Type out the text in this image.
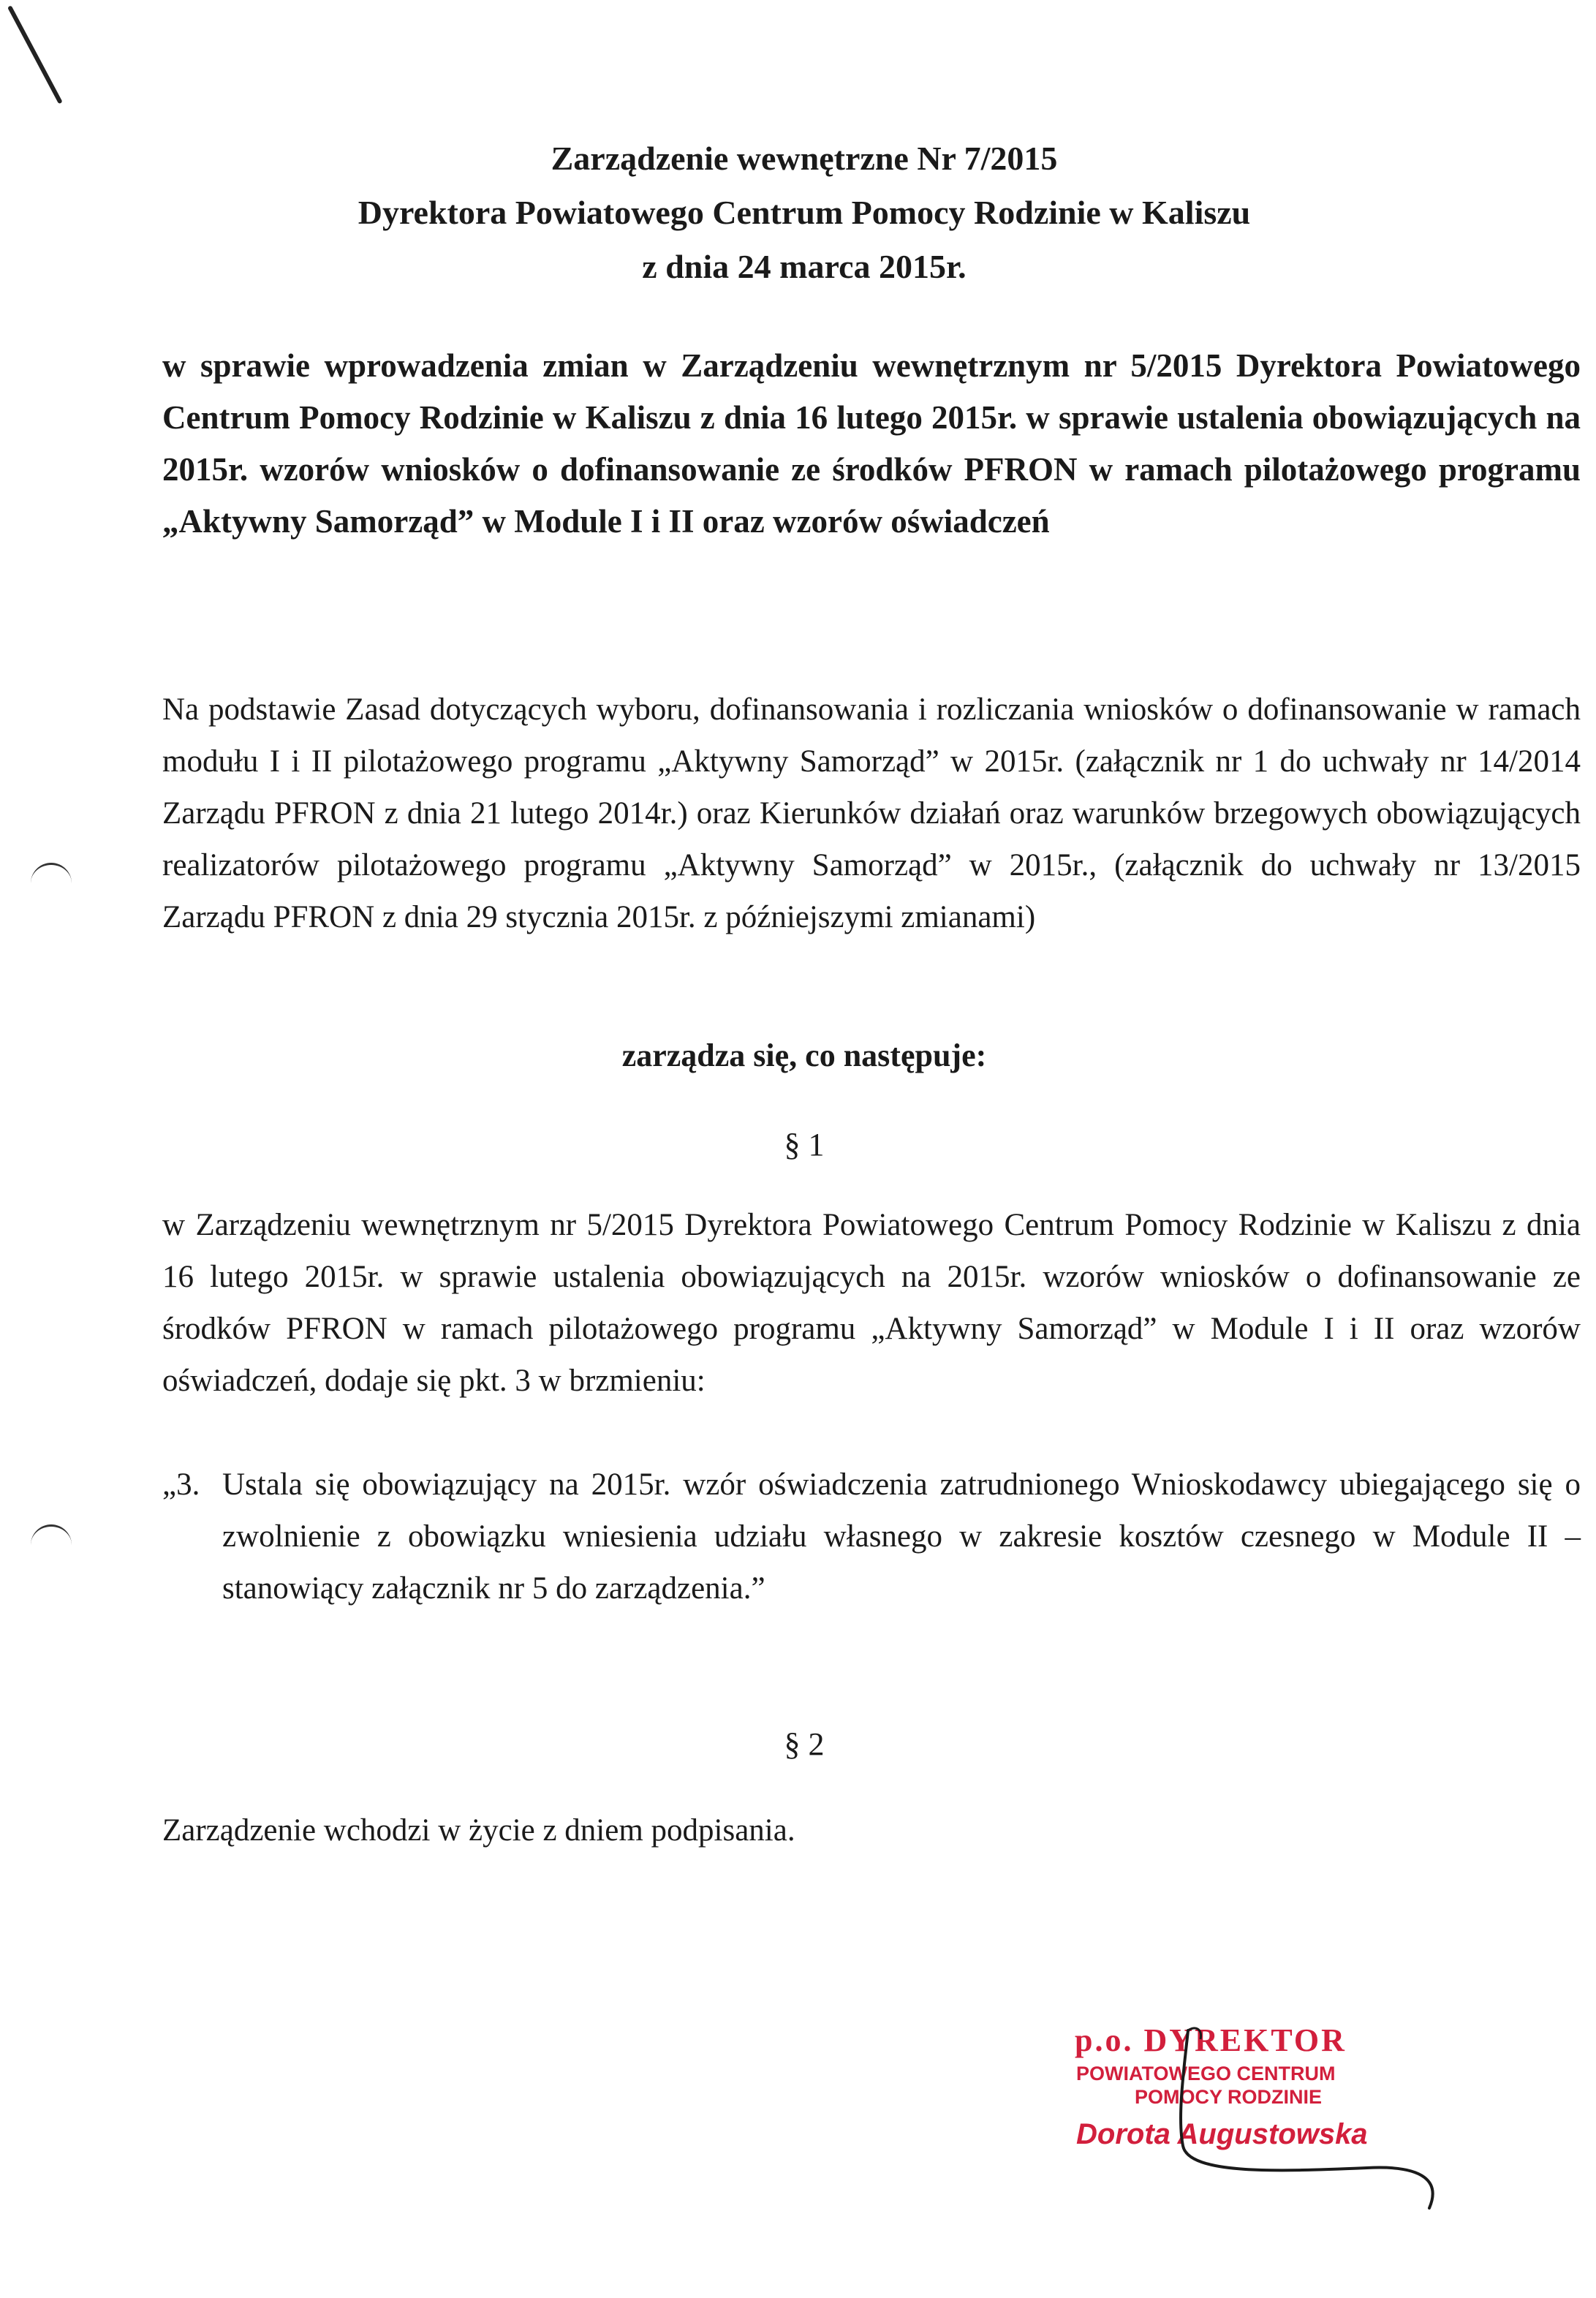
Zarządzenie wewnętrzne Nr 7/2015
Dyrektora Powiatowego Centrum Pomocy Rodzinie w Kaliszu
z dnia 24 marca 2015r.
w sprawie wprowadzenia zmian w Zarządzeniu wewnętrznym nr 5/2015 Dyrektora Powiatowego Centrum Pomocy Rodzinie w Kaliszu z dnia 16 lutego 2015r. w sprawie ustalenia obowiązujących na 2015r. wzorów wniosków o dofinansowanie ze środków PFRON w ramach pilotażowego programu „Aktywny Samorząd” w Module I i II oraz wzorów oświadczeń
Na podstawie Zasad dotyczących wyboru, dofinansowania i rozliczania wniosków o dofinansowanie w ramach modułu I i II pilotażowego programu „Aktywny Samorząd” w 2015r. (załącznik nr 1 do uchwały nr 14/2014 Zarządu PFRON z dnia 21 lutego 2014r.) oraz Kierunków działań oraz warunków brzegowych obowiązujących realizatorów pilotażowego programu „Aktywny Samorząd” w 2015r., (załącznik do uchwały nr 13/2015 Zarządu PFRON z dnia 29 stycznia 2015r. z późniejszymi zmianami)
zarządza się, co następuje:
§ 1
w Zarządzeniu wewnętrznym nr 5/2015 Dyrektora Powiatowego Centrum Pomocy Rodzinie w Kaliszu z dnia 16 lutego 2015r. w sprawie ustalenia obowiązujących na 2015r. wzorów wniosków o dofinansowanie ze środków PFRON w ramach pilotażowego programu „Aktywny Samorząd” w Module I i II oraz wzorów oświadczeń, dodaje się pkt. 3 w brzmieniu:
„3. Ustala się obowiązujący na 2015r. wzór oświadczenia zatrudnionego Wnioskodawcy ubiegającego się o zwolnienie z obowiązku wniesienia udziału własnego w zakresie kosztów czesnego w Module II – stanowiący załącznik nr 5 do zarządzenia.”
§ 2
Zarządzenie wchodzi w życie z dniem podpisania.
p.o. DYREKTOR
POWIATOWEGO CENTRUM
POMOCY RODZINIE
Dorota Augustowska
